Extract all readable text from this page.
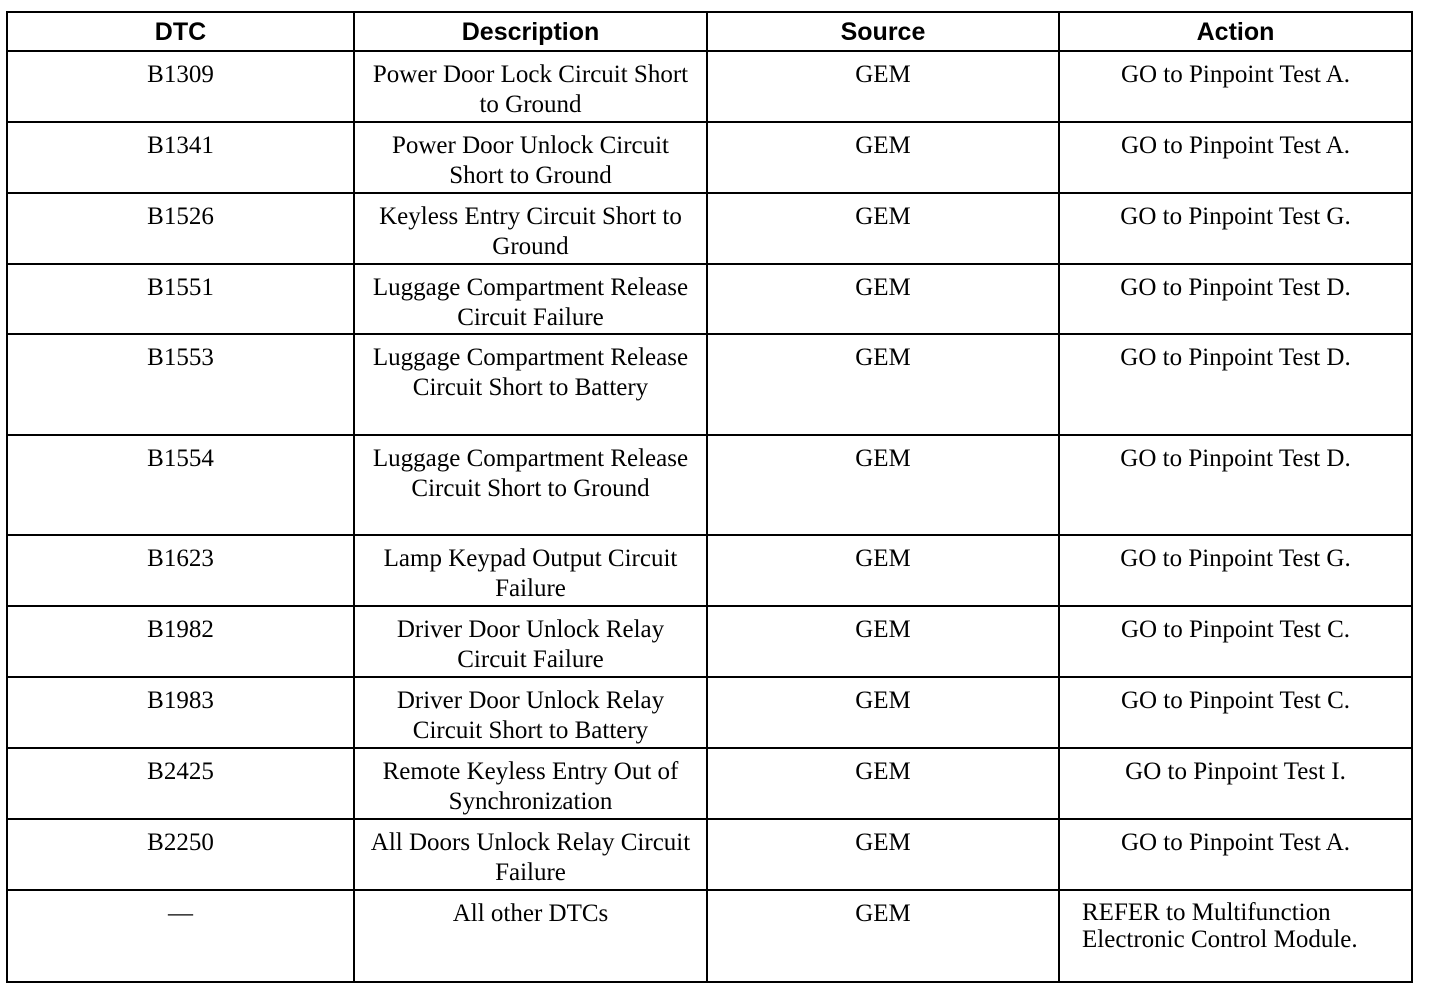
DTC	Description	Source	Action

B1309	Power Door Lock Circuit Short to Ground	GEM	GO to Pinpoint Test A.

B1341	Power Door Unlock Circuit Short to Ground	GEM	GO to Pinpoint Test A.

B1526	Keyless Entry Circuit Short to Ground	GEM	GO to Pinpoint Test G.

B1551	Luggage Compartment Release Circuit Failure	GEM	GO to Pinpoint Test D.

B1553	Luggage Compartment Release Circuit Short to Battery	GEM	GO to Pinpoint Test D.

B1554	Luggage Compartment Release Circuit Short to Ground	GEM	GO to Pinpoint Test D.

B1623	Lamp Keypad Output Circuit Failure	GEM	GO to Pinpoint Test G.

B1982	Driver Door Unlock Relay Circuit Failure	GEM	GO to Pinpoint Test C.

B1983	Driver Door Unlock Relay Circuit Short to Battery	GEM	GO to Pinpoint Test C.

B2425	Remote Keyless Entry Out of Synchronization	GEM	GO to Pinpoint Test I.

B2250	All Doors Unlock Relay Circuit Failure	GEM	GO to Pinpoint Test A.

—	All other DTCs	GEM	REFER to Multifunction Electronic Control Module.
